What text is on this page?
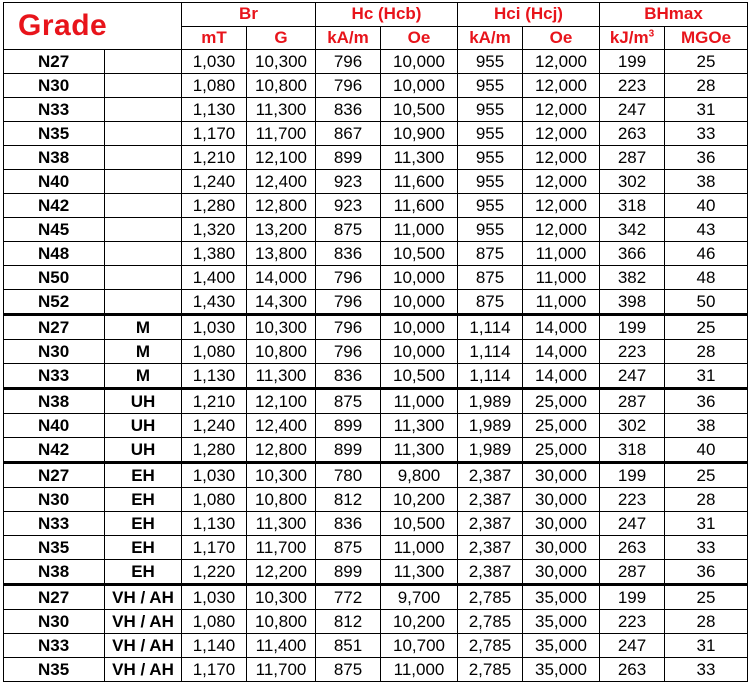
Grade		Br		Hc (Hcb)		Hci (Hcj)		BHmax	
		mT	G	kA/m	Oe	kA/m	Oe	$kJ/m^3$	MGOe
N27		1,030	10,300	796	10,000	955	12,000	199	25
N30		1,080	10,800	796	10,000	955	12,000	223	28
N33		1,130	11,300	836	10,500	955	12,000	247	31
N35		1,170	11,700	867	10,900	955	12,000	263	33
N38		1,210	12,100	899	11,300	955	12,000	287	36
N40		1,240	12,400	923	11,600	955	12,000	302	38
N42		1,280	12,800	923	11,600	955	12,000	318	40
N45		1,320	13,200	875	11,000	955	12,000	342	43
N48		1,380	13,800	836	10,500	875	11,000	366	46
N50		1,400	14,000	796	10,000	875	11,000	382	48
N52		1,430	14,300	796	10,000	875	11,000	398	50
N27	M	1,030	10,300	796	10,000	1,114	14,000	199	25
N30	M	1,080	10,800	796	10,000	1,114	14,000	223	28
N33	M	1,130	11,300	836	10,500	1,114	14,000	247	31
N38	UH	1,210	12,100	875	11,000	1,989	25,000	287	36
N40	UH	1,240	12,400	899	11,300	1,989	25,000	302	38
N42	UH	1,280	12,800	899	11,300	1,989	25,000	318	40
N27	EH	1,030	10,300	780	9,800	2,387	30,000	199	25
N30	EH	1,080	10,800	812	10,200	2,387	30,000	223	28
N33	EH	1,130	11,300	836	10,500	2,387	30,000	247	31
N35	EH	1,170	11,700	875	11,000	2,387	30,000	263	33
N38	EH	1,220	12,200	899	11,300	2,387	30,000	287	36
N27	VH / AH	1,030	10,300	772	9,700	2,785	35,000	199	25
N30	VH / AH	1,080	10,800	812	10,200	2,785	35,000	223	28
N33	VH / AH	1,140	11,400	851	10,700	2,785	35,000	247	31
N35	VH / AH	1,170	11,700	875	11,000	2,785	35,000	263	33
